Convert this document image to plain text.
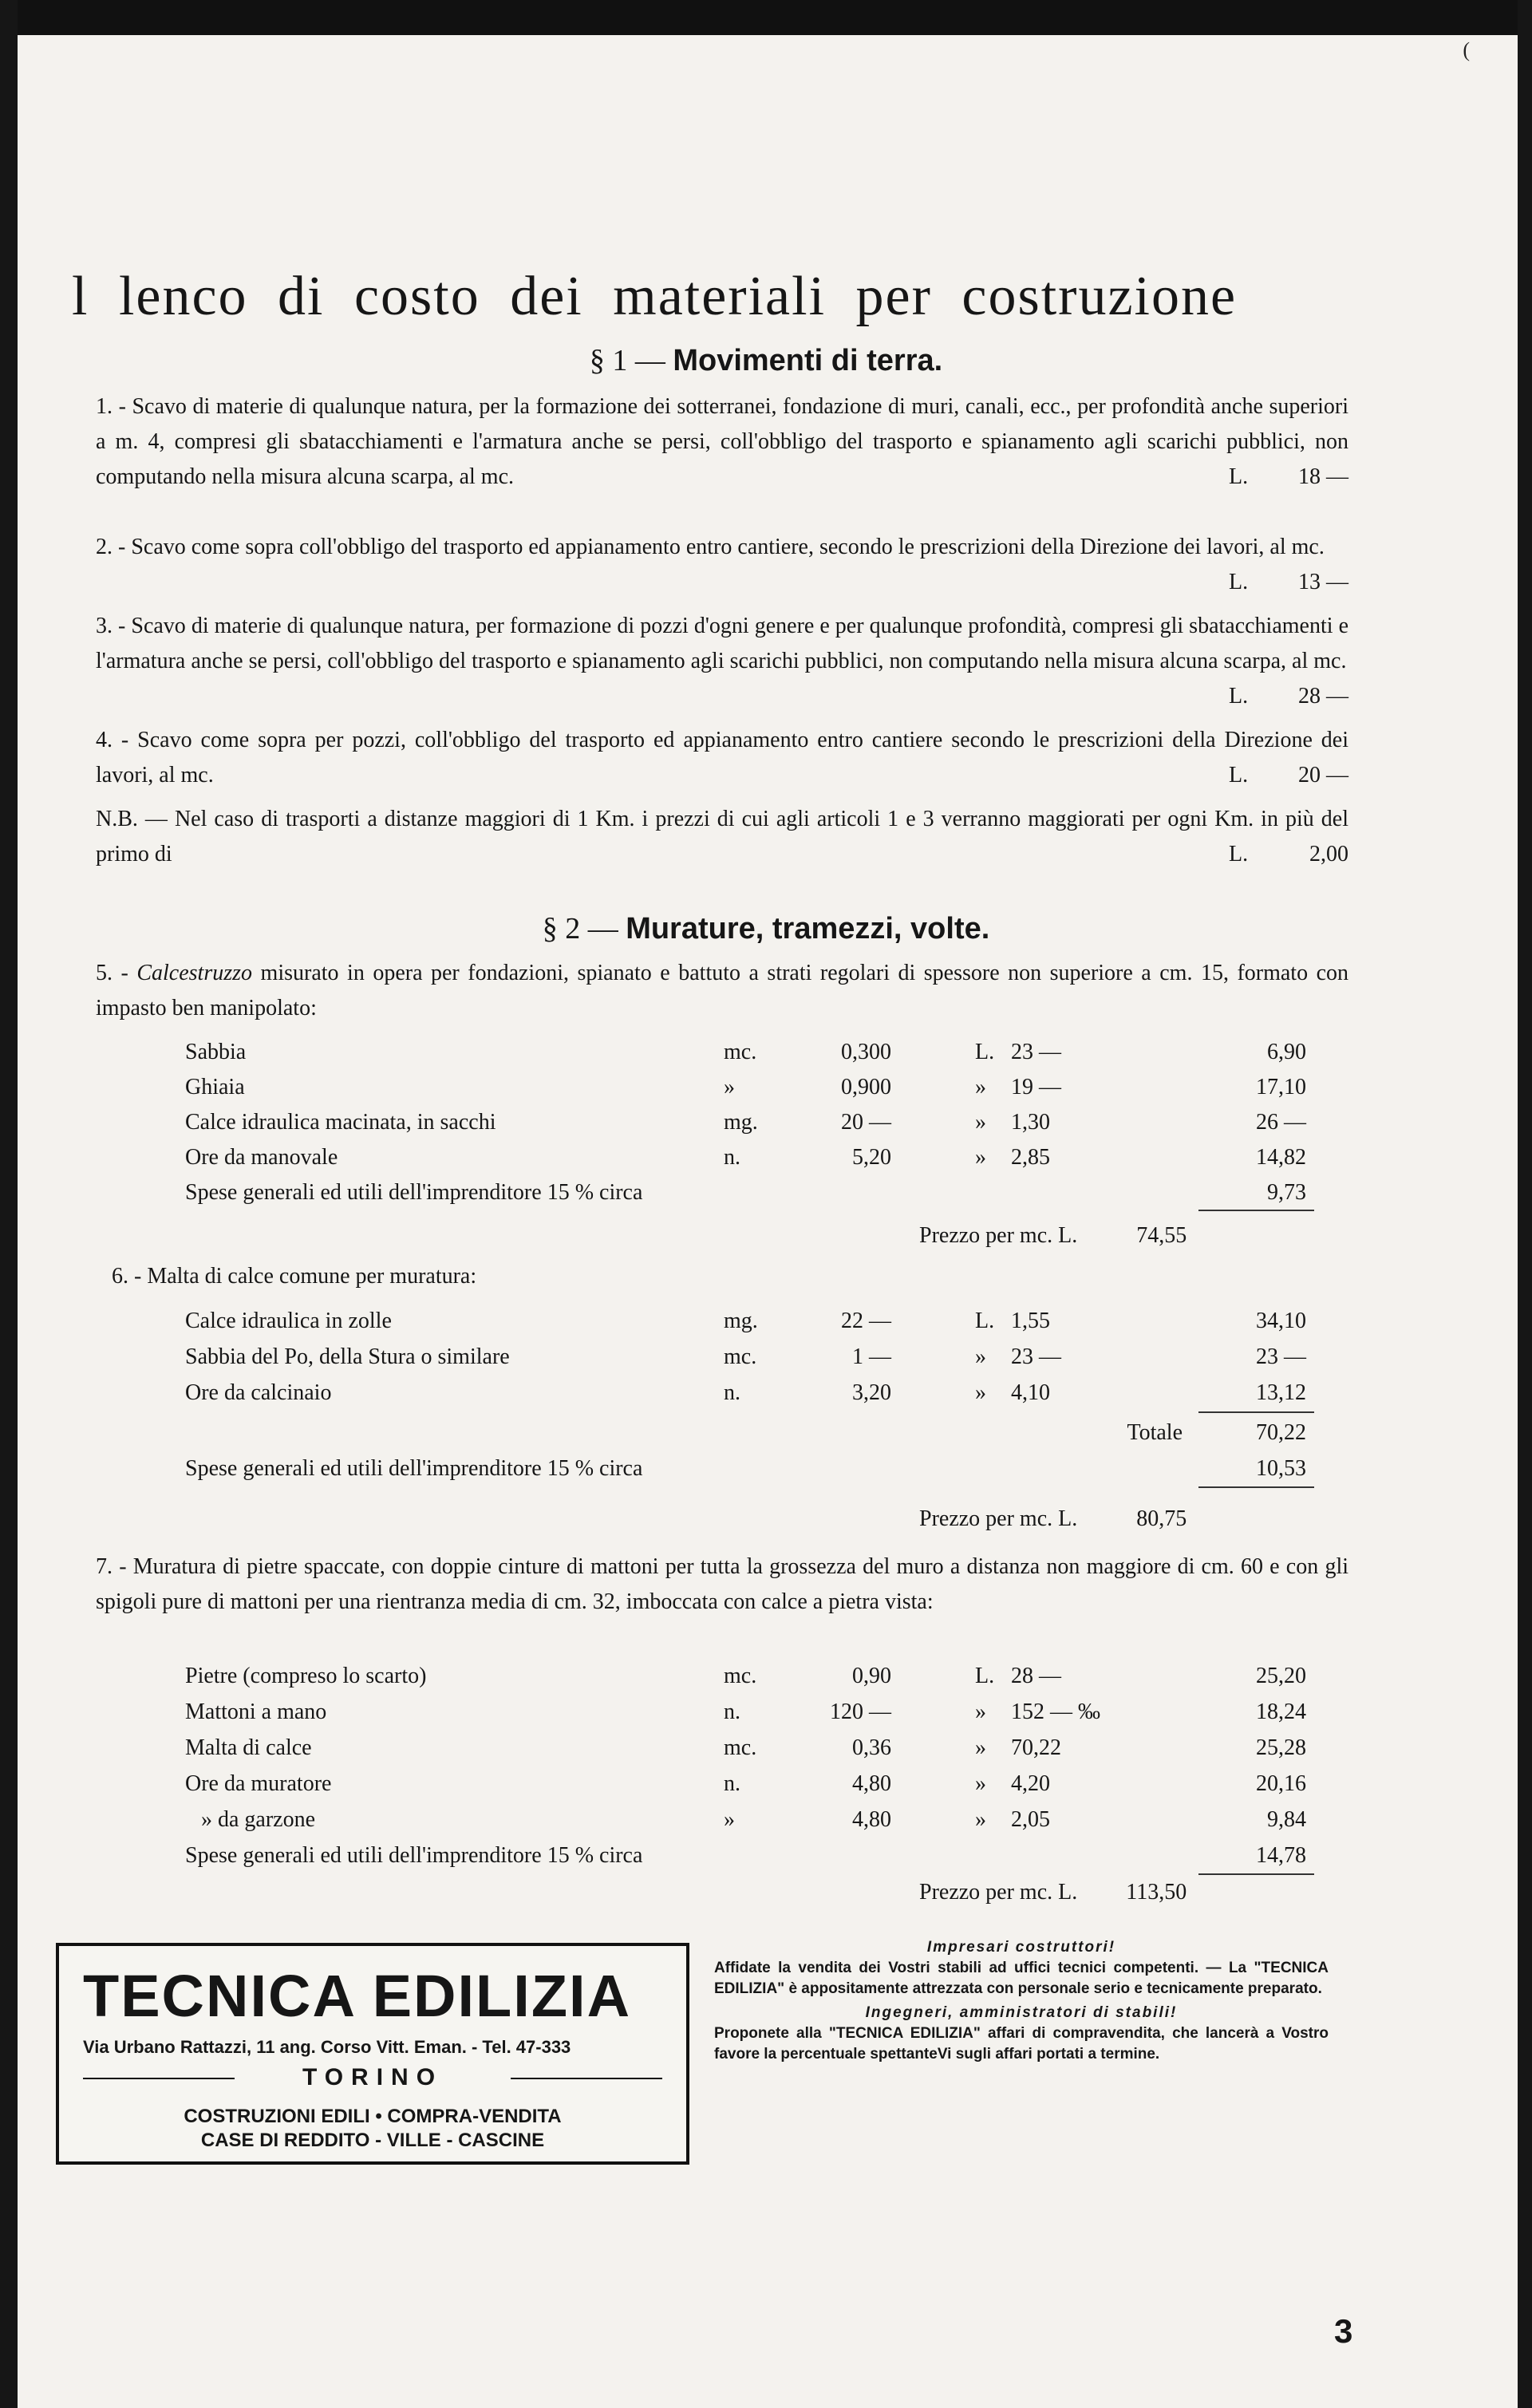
(
l lenco di costo dei materiali per costruzione
§ 1 — Movimenti di terra.
1. - Scavo di materie di qualunque natura, per la formazione dei sotterranei, fondazione di muri, canali, ecc., per profondità anche superiori a m. 4, compresi gli sbatacchiamenti e l'armatura anche se persi, coll'obbligo del trasporto e spianamento agli scarichi pubblici, non computando nella misura alcuna scarpa, al mc.	L. 18 —
2. - Scavo come sopra coll'obbligo del trasporto ed appianamento entro cantiere, secondo le prescrizioni della Direzione dei lavori, al mc.
L. 13 —
3. - Scavo di materie di qualunque natura, per formazione di pozzi d'ogni genere e per qualunque profondità, compresi gli sbatacchiamenti e l'armatura anche se persi, coll'obbligo del trasporto e spianamento agli scarichi pubblici, non computando nella misura alcuna scarpa, al mc.
L. 28 —
4. - Scavo come sopra per pozzi, coll'obbligo del trasporto ed appianamento entro cantiere secondo le prescrizioni della Direzione dei lavori, al mc.	L. 20 —
N.B. — Nel caso di trasporti a distanze maggiori di 1 Km. i prezzi di cui agli articoli 1 e 3 verranno maggiorati per ogni Km. in più del primo di	L.	2,00
§ 2 — Murature, tramezzi, volte.
5. - Calcestruzzo misurato in opera per fondazioni, spianato e battuto a strati regolari di spessore non superiore a cm. 15, formato con impasto ben manipolato:
Sabbia	mc.	0,300	L. 23 —	6,90
Ghiaia	»	0,900	»	19 —	17,10
Calce idraulica macinata, in sacchi	mg.	20 —	»	1,30	26 —
Ore da manovale	n.	5,20	»	2,85	14,82
Spese generali ed utili dell'imprenditore 15 % circa	9,73
Prezzo per mc. L.	74,55
6. - Malta di calce comune per muratura:
Calce idraulica in zolle	mg.	22 —	L. 1,55	34,10
Sabbia del Po, della Stura o similare	mc.	1 —	»	23 —	23 —
Ore da calcinaio	n.	3,20	»	4,10	13,12
Totale	70,22
Spese generali ed utili dell'imprenditore 15 % circa	10,53
Prezzo per mc. L.	80,75
7. - Muratura di pietre spaccate, con doppie cinture di mattoni per tutta la grossezza del muro a distanza non maggiore di cm. 60 e con gli spigoli pure di mattoni per una rientranza media di cm. 32, imboccata con calce a pietra vista:
Pietre (compreso lo scarto)	mc.	0,90	L. 28 —	25,20
Mattoni a mano	n.	120 —	»	152 — ‰	18,24
Malta di calce	mc.	0,36	»	70,22	25,28
Ore da muratore	n.	4,80	»	4,20	20,16
» da garzone	»	4,80	»	2,05	9,84
Spese generali ed utili dell'imprenditore 15 % circa	14,78
Prezzo per mc. L. 113,50
TECNICA EDILIZIA
Via Urbano Rattazzi, 11 ang. Corso Vitt. Eman. - Tel. 47-333
TORINO
COSTRUZIONI EDILI • COMPRA-VENDITA
CASE DI REDDITO - VILLE - CASCINE
Impresari costruttori!
Affidate la vendita dei Vostri stabili ad uffici tecnici competenti. — La "TECNICA EDILIZIA" è appositamente attrezzata con personale serio e tecnicamente preparato.
Ingegneri, amministratori di stabili!
Proponete alla "TECNICA EDILIZIA" affari di compravendita, che lancerà a Vostro favore la percentuale spettanteVi sugli affari portati a termine.
3
